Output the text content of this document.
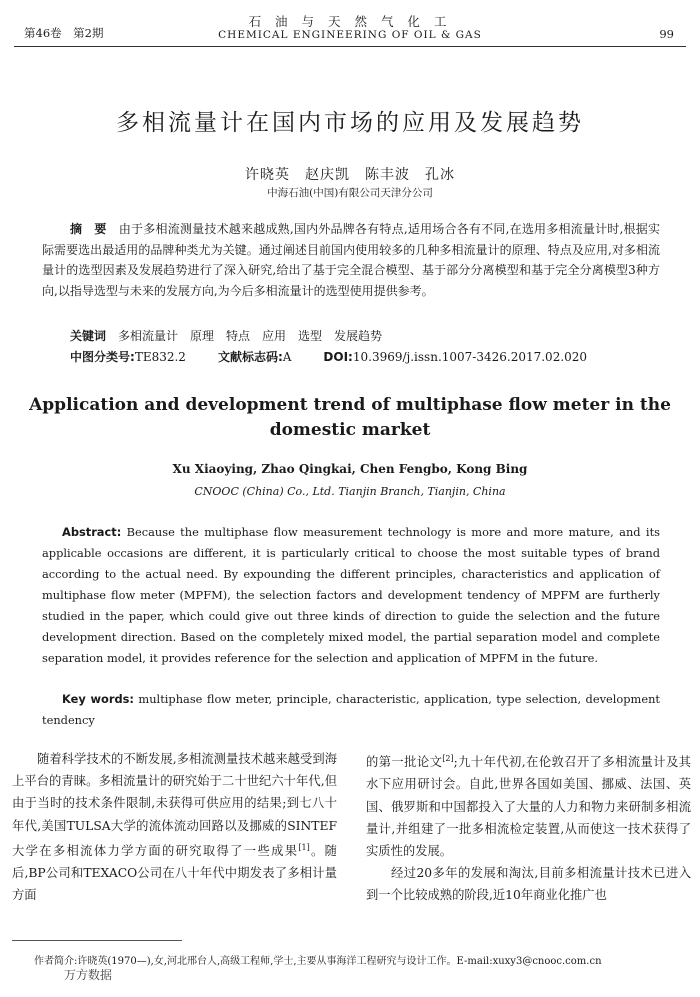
第46卷　第2期
石 油 与 天 然 气 化 工
CHEMICAL ENGINEERING OF OIL & GAS	99
多相流量计在国内市场的应用及发展趋势
许晓英　赵庆凯　陈丰波　孔冰
中海石油(中国)有限公司天津分公司
摘　要　 由于多相流测量技术越来越成熟,国内外品牌各有特点,适用场合各有不同,在选用多相流量计时,根据实际需要选出最适用的品牌种类尤为关键。通过阐述目前国内使用较多的几种多相流量计的原理、特点及应用,对多相流量计的选型因素及发展趋势进行了深入研究,给出了基于完全混合模型、基于部分分离模型和基于完全分离模型3种方向,以指导选型与未来的发展方向,为今后多相流量计的选型使用提供参考。
关键词　 多相流量计　原理　特点　应用　选型　发展趋势
中图分类号:TE832.2	文献标志码:A	DOI:10.3969/j.issn.1007-3426.2017.02.020
Application and development trend of multiphase flow meter in the domestic market
Xu Xiaoying, Zhao Qingkai, Chen Fengbo, Kong Bing
CNOOC (China) Co., Ltd. Tianjin Branch, Tianjin, China
Abstract: Because the multiphase flow measurement technology is more and more mature, and its applicable occasions are different, it is particularly critical to choose the most suitable types of brand according to the actual need. By expounding the different principles, characteristics and application of multiphase flow meter (MPFM), the selection factors and development tendency of MPFM are furtherly studied in the paper, which could give out three kinds of direction to guide the selection and the future development direction. Based on the completely mixed model, the partial separation model and complete separation model, it provides reference for the selection and application of MPFM in the future.
Key words: multiphase flow meter, principle, characteristic, application, type selection, development tendency

随着科学技术的不断发展,多相流测量技术越来越受到海上平台的青睐。多相流量计的研究始于二十世纪六十年代,但由于当时的技术条件限制,未获得可供应用的结果;到七八十年代,美国TULSA大学的流体流动回路以及挪威的SINTEF大学在多相流体力学方面的研究取得了一些成果[1]。随后,BP公司和TEXACO公司在八十年代中期发表了多相计量方面

的第一批论文[2];九十年代初,在伦敦召开了多相流量计及其水下应用研讨会。自此,世界各国如美国、挪威、法国、英国、俄罗斯和中国都投入了大量的人力和物力来研制多相流量计,并组建了一批多相流检定装置,从而使这一技术获得了实质性的发展。

经过20多年的发展和淘汰,目前多相流量计技术已进入到一个比较成熟的阶段,近10年商业化推广也

作者简介:许晓英(1970—),女,河北邢台人,高级工程师,学士,主要从事海洋工程研究与设计工作。E-mail:xuxy3@cnooc.com.cn
万方数据
